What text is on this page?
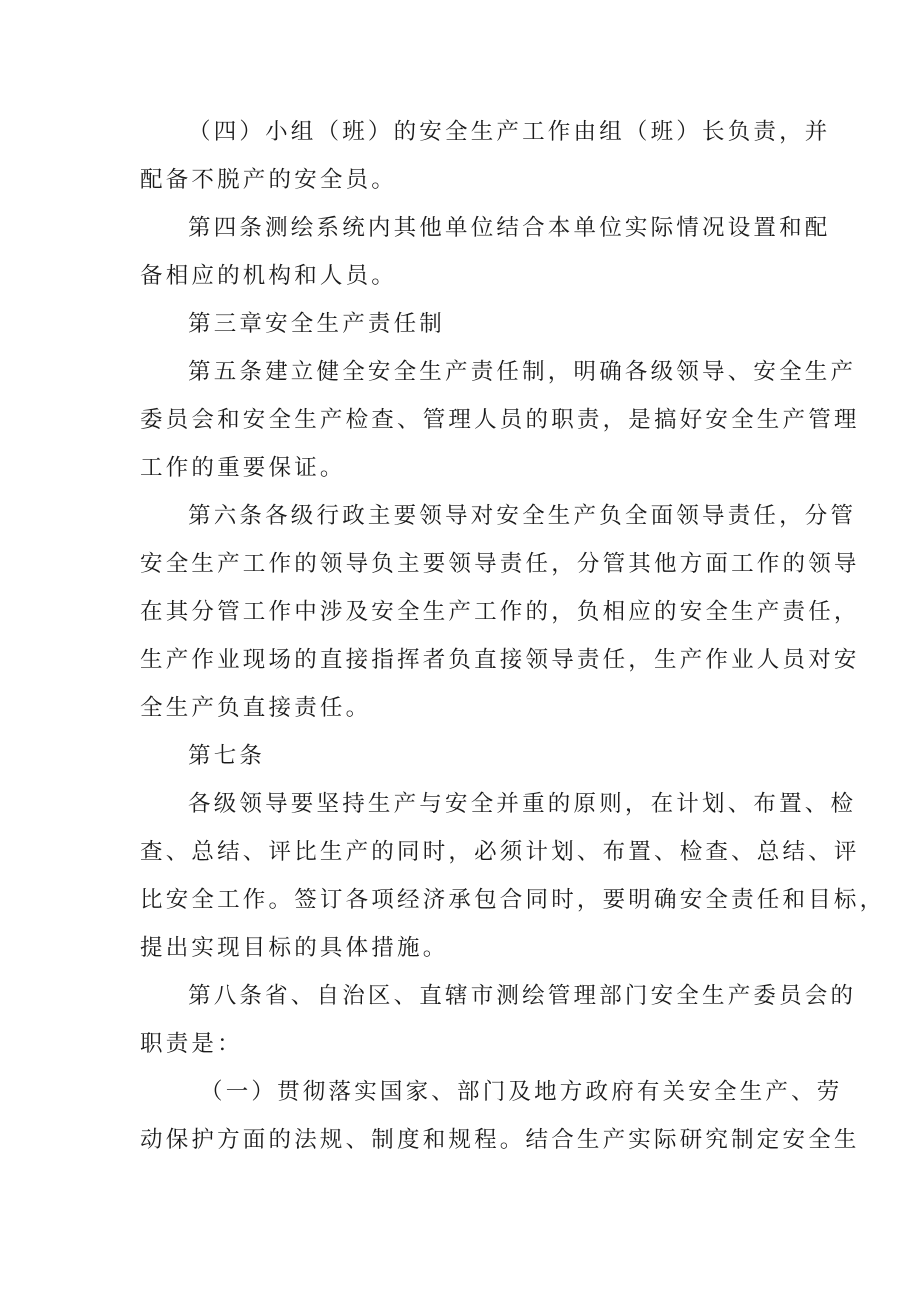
（四）小组（班）的安全生产工作由组（班）长负责，并
配备不脱产的安全员。
第四条测绘系统内其他单位结合本单位实际情况设置和配
备相应的机构和人员。
第三章安全生产责任制
第五条建立健全安全生产责任制，明确各级领导、安全生产
委员会和安全生产检查、管理人员的职责，是搞好安全生产管理
工作的重要保证。
第六条各级行政主要领导对安全生产负全面领导责任，分管
安全生产工作的领导负主要领导责任，分管其他方面工作的领导
在其分管工作中涉及安全生产工作的，负相应的安全生产责任，
生产作业现场的直接指挥者负直接领导责任，生产作业人员对安
全生产负直接责任。
第七条
各级领导要坚持生产与安全并重的原则，在计划、布置、检
查、总结、评比生产的同时，必须计划、布置、检查、总结、评
比安全工作。签订各项经济承包合同时，要明确安全责任和目标，
提出实现目标的具体措施。
第八条省、自治区、直辖市测绘管理部门安全生产委员会的
职责是：
（一）贯彻落实国家、部门及地方政府有关安全生产、劳
动保护方面的法规、制度和规程。结合生产实际研究制定安全生
